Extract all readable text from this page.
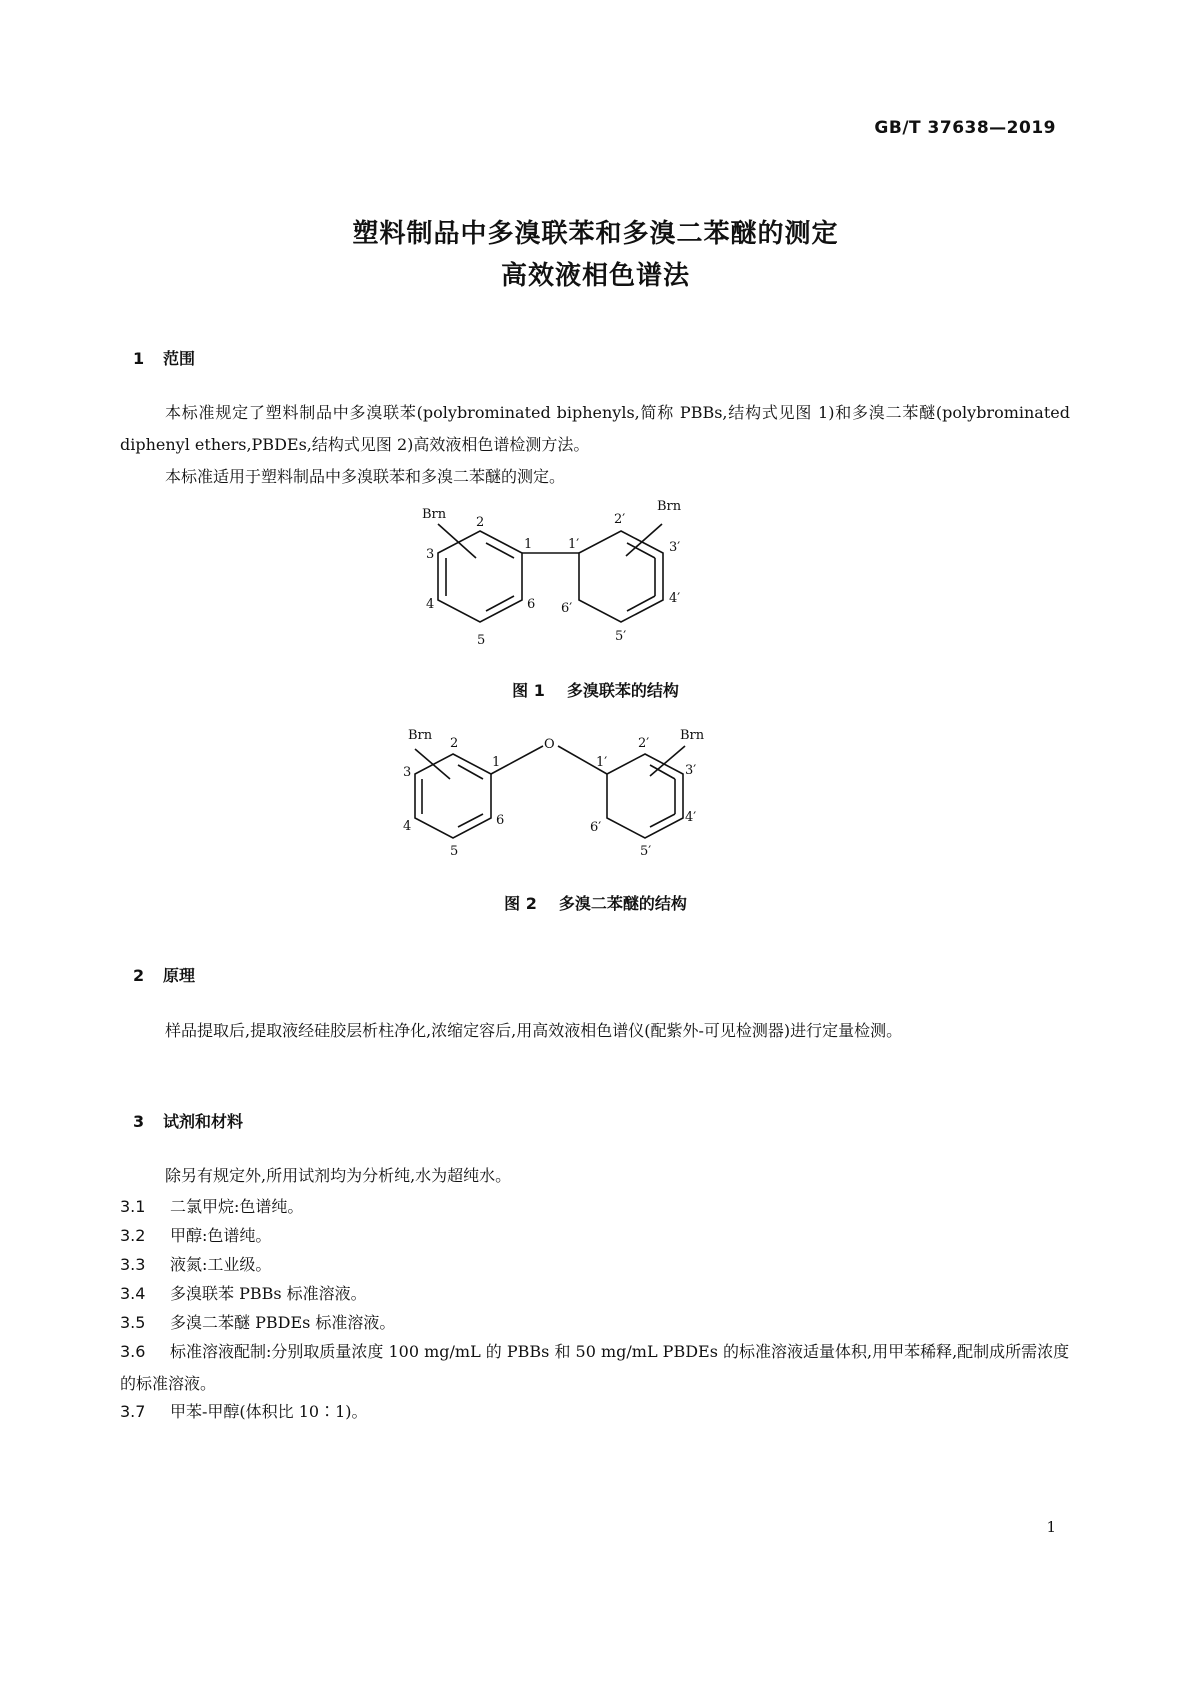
GB/T 37638—2019
塑料制品中多溴联苯和多溴二苯醚的测定
高效液相色谱法
1 范围
本标准规定了塑料制品中多溴联苯(polybrominated biphenyls,简称 PBBs,结构式见图 1)和多溴二苯醚(polybrominated diphenyl ethers,PBDEs,结构式见图 2)高效液相色谱检测方法。
本标准适用于塑料制品中多溴联苯和多溴二苯醚的测定。
Brn
Brn
2
1
3
4
5
6
1′
2′
3′
4′
5′
6′
图 1 多溴联苯的结构
O
Brn	Brn
2
1
3
4
5
6
1′
2′
3′
4′
5′
6′
图 2 多溴二苯醚的结构
2 原理
样品提取后,提取液经硅胶层析柱净化,浓缩定容后,用高效液相色谱仪(配紫外-可见检测器)进行定量检测。
3 试剂和材料
除另有规定外,所用试剂均为分析纯,水为超纯水。
3.1 二氯甲烷:色谱纯。
3.2 甲醇:色谱纯。
3.3 液氮:工业级。
3.4 多溴联苯 PBBs 标准溶液。
3.5 多溴二苯醚 PBDEs 标准溶液。
3.6 标准溶液配制:分别取质量浓度 100 mg/mL 的 PBBs 和 50 mg/mL PBDEs 的标准溶液适量体积,用甲苯稀释,配制成所需浓度的标准溶液。
3.7 甲苯-甲醇(体积比 10∶1)。
1
